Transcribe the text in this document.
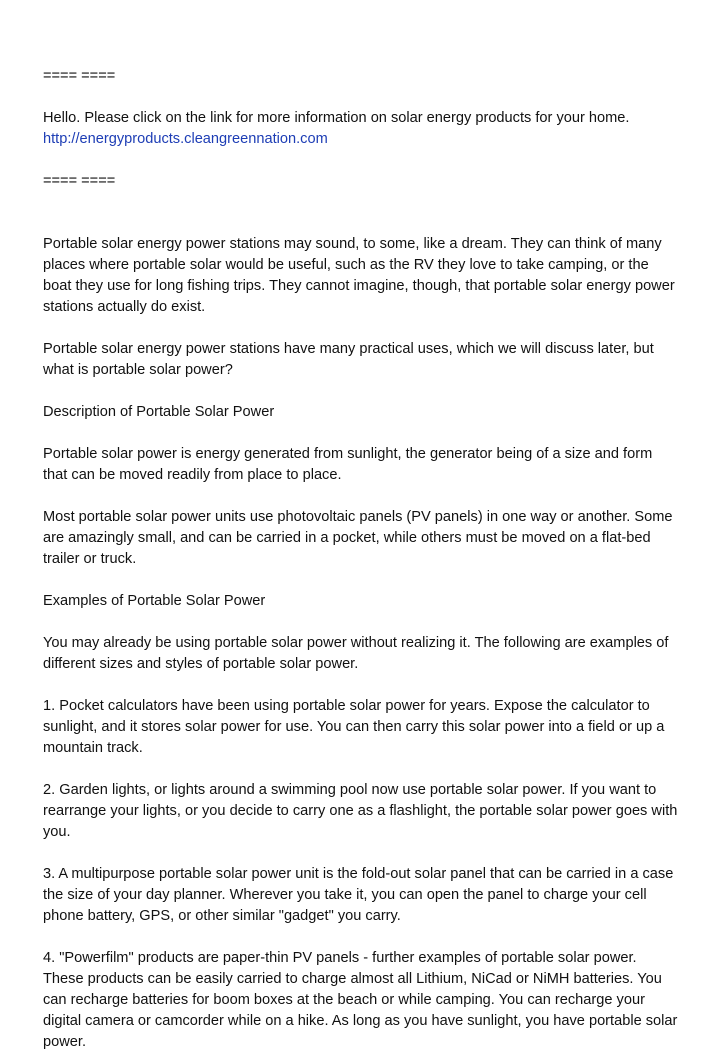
==== ====
Hello. Please click on the link for more information on solar energy products for your home.
http://energyproducts.cleangreennation.com
==== ====
Portable solar energy power stations may sound, to some, like a dream. They can think of many
places where portable solar would be useful, such as the RV they love to take camping, or the
boat they use for long fishing trips. They cannot imagine, though, that portable solar energy power
stations actually do exist.
Portable solar energy power stations have many practical uses, which we will discuss later, but
what is portable solar power?
Description of Portable Solar Power
Portable solar power is energy generated from sunlight, the generator being of a size and form
that can be moved readily from place to place.
Most portable solar power units use photovoltaic panels (PV panels) in one way or another. Some
are amazingly small, and can be carried in a pocket, while others must be moved on a flat-bed
trailer or truck.
Examples of Portable Solar Power
You may already be using portable solar power without realizing it. The following are examples of
different sizes and styles of portable solar power.
1. Pocket calculators have been using portable solar power for years. Expose the calculator to
sunlight, and it stores solar power for use. You can then carry this solar power into a field or up a
mountain track.
2. Garden lights, or lights around a swimming pool now use portable solar power. If you want to
rearrange your lights, or you decide to carry one as a flashlight, the portable solar power goes with
you.
3. A multipurpose portable solar power unit is the fold-out solar panel that can be carried in a case
the size of your day planner. Wherever you take it, you can open the panel to charge your cell
phone battery, GPS, or other similar "gadget" you carry.
4. "Powerfilm" products are paper-thin PV panels - further examples of portable solar power.
These products can be easily carried to charge almost all Lithium, NiCad or NiMH batteries. You
can recharge batteries for boom boxes at the beach or while camping. You can recharge your
digital camera or camcorder while on a hike. As long as you have sunlight, you have portable solar
power.
